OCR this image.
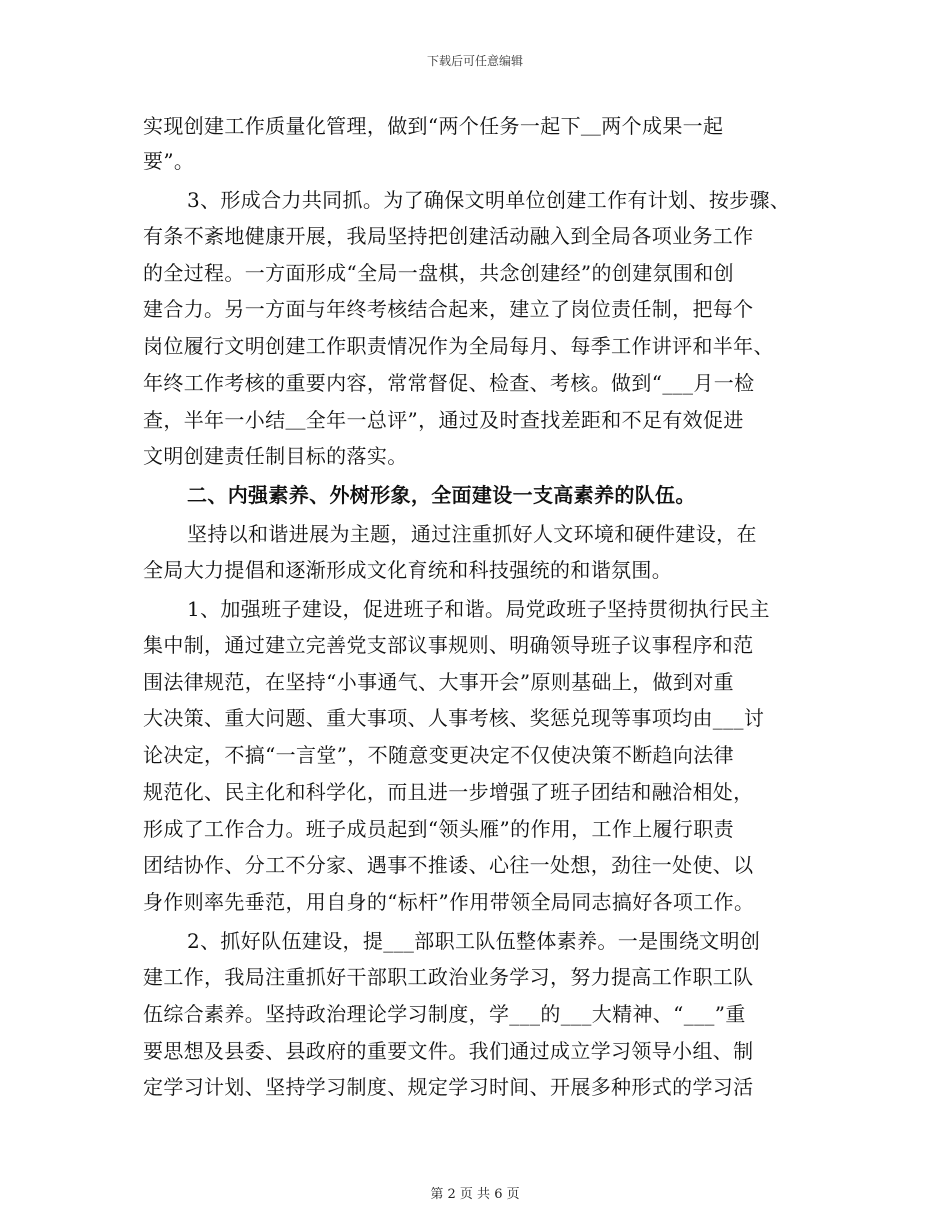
下载后可任意编辑
实现创建工作质量化管理，做到“两个任务一起下＿两个成果一起
要”。
3、形成合力共同抓。为了确保文明单位创建工作有计划、按步骤、
有条不紊地健康开展，我局坚持把创建活动融入到全局各项业务工作
的全过程。一方面形成“全局一盘棋，共念创建经”的创建氛围和创
建合力。另一方面与年终考核结合起来，建立了岗位责任制，把每个
岗位履行文明创建工作职责情况作为全局每月、每季工作讲评和半年、
年终工作考核的重要内容，常常督促、检查、考核。做到“___月一检
查，半年一小结＿全年一总评”，通过及时查找差距和不足有效促进
文明创建责任制目标的落实。
二、内强素养、外树形象，全面建设一支高素养的队伍。
坚持以和谐进展为主题，通过注重抓好人文环境和硬件建设，在
全局大力提倡和逐渐形成文化育统和科技强统的和谐氛围。
1、加强班子建设，促进班子和谐。局党政班子坚持贯彻执行民主
集中制，通过建立完善党支部议事规则、明确领导班子议事程序和范
围法律规范，在坚持“小事通气、大事开会”原则基础上，做到对重
大决策、重大问题、重大事项、人事考核、奖惩兑现等事项均由___讨
论决定，不搞“一言堂”，不随意变更决定不仅使决策不断趋向法律
规范化、民主化和科学化，而且进一步增强了班子团结和融洽相处，
形成了工作合力。班子成员起到“领头雁”的作用，工作上履行职责
团结协作、分工不分家、遇事不推诿、心往一处想，劲往一处使、以
身作则率先垂范，用自身的“标杆”作用带领全局同志搞好各项工作。
2、抓好队伍建设，提___部职工队伍整体素养。一是围绕文明创
建工作，我局注重抓好干部职工政治业务学习，努力提高工作职工队
伍综合素养。坚持政治理论学习制度，学___的___大精神、“___”重
要思想及县委、县政府的重要文件。我们通过成立学习领导小组、制
定学习计划、坚持学习制度、规定学习时间、开展多种形式的学习活
第 2 页 共 6 页
